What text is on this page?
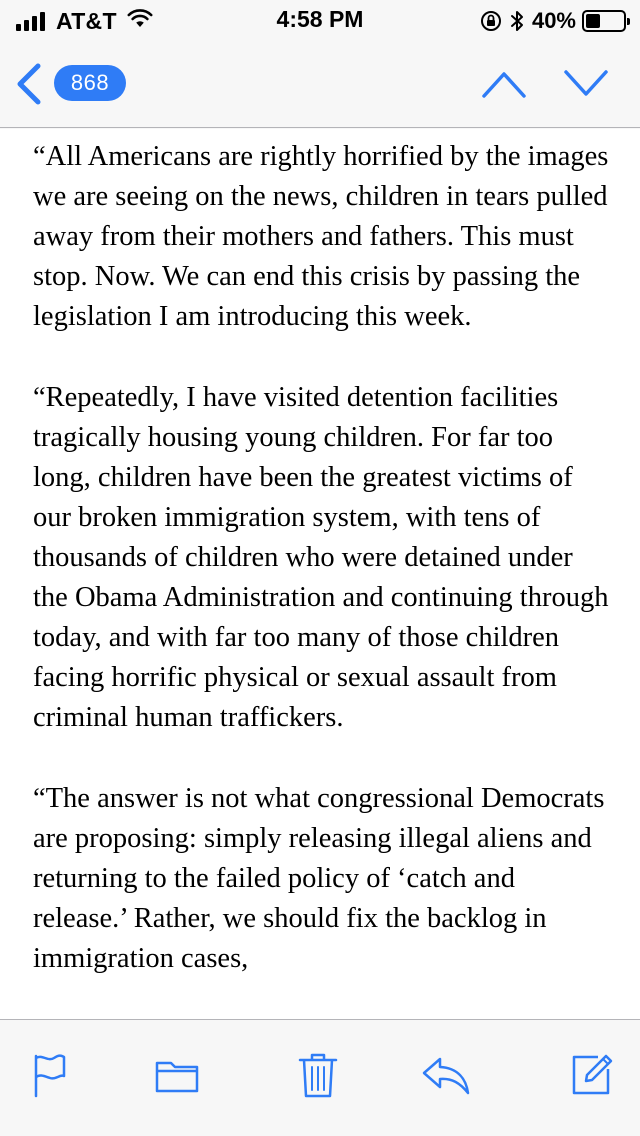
AT&T	4:58 PM	40%
868

“All Americans are rightly horrified by the images we are seeing on the news, children in tears pulled away from their mothers and fathers. This must stop. Now. We can end this crisis by passing the legislation I am introducing this week.

“Repeatedly, I have visited detention facilities tragically housing young children. For far too long, children have been the greatest victims of our broken immigration system, with tens of thousands of children who were detained under the Obama Administration and continuing through today, and with far too many of those children facing horrific physical or sexual assault from criminal human traffickers.

“The answer is not what congressional Democrats are proposing: simply releasing illegal aliens and returning to the failed policy of ‘catch and release.’ Rather, we should fix the backlog in immigration cases,
